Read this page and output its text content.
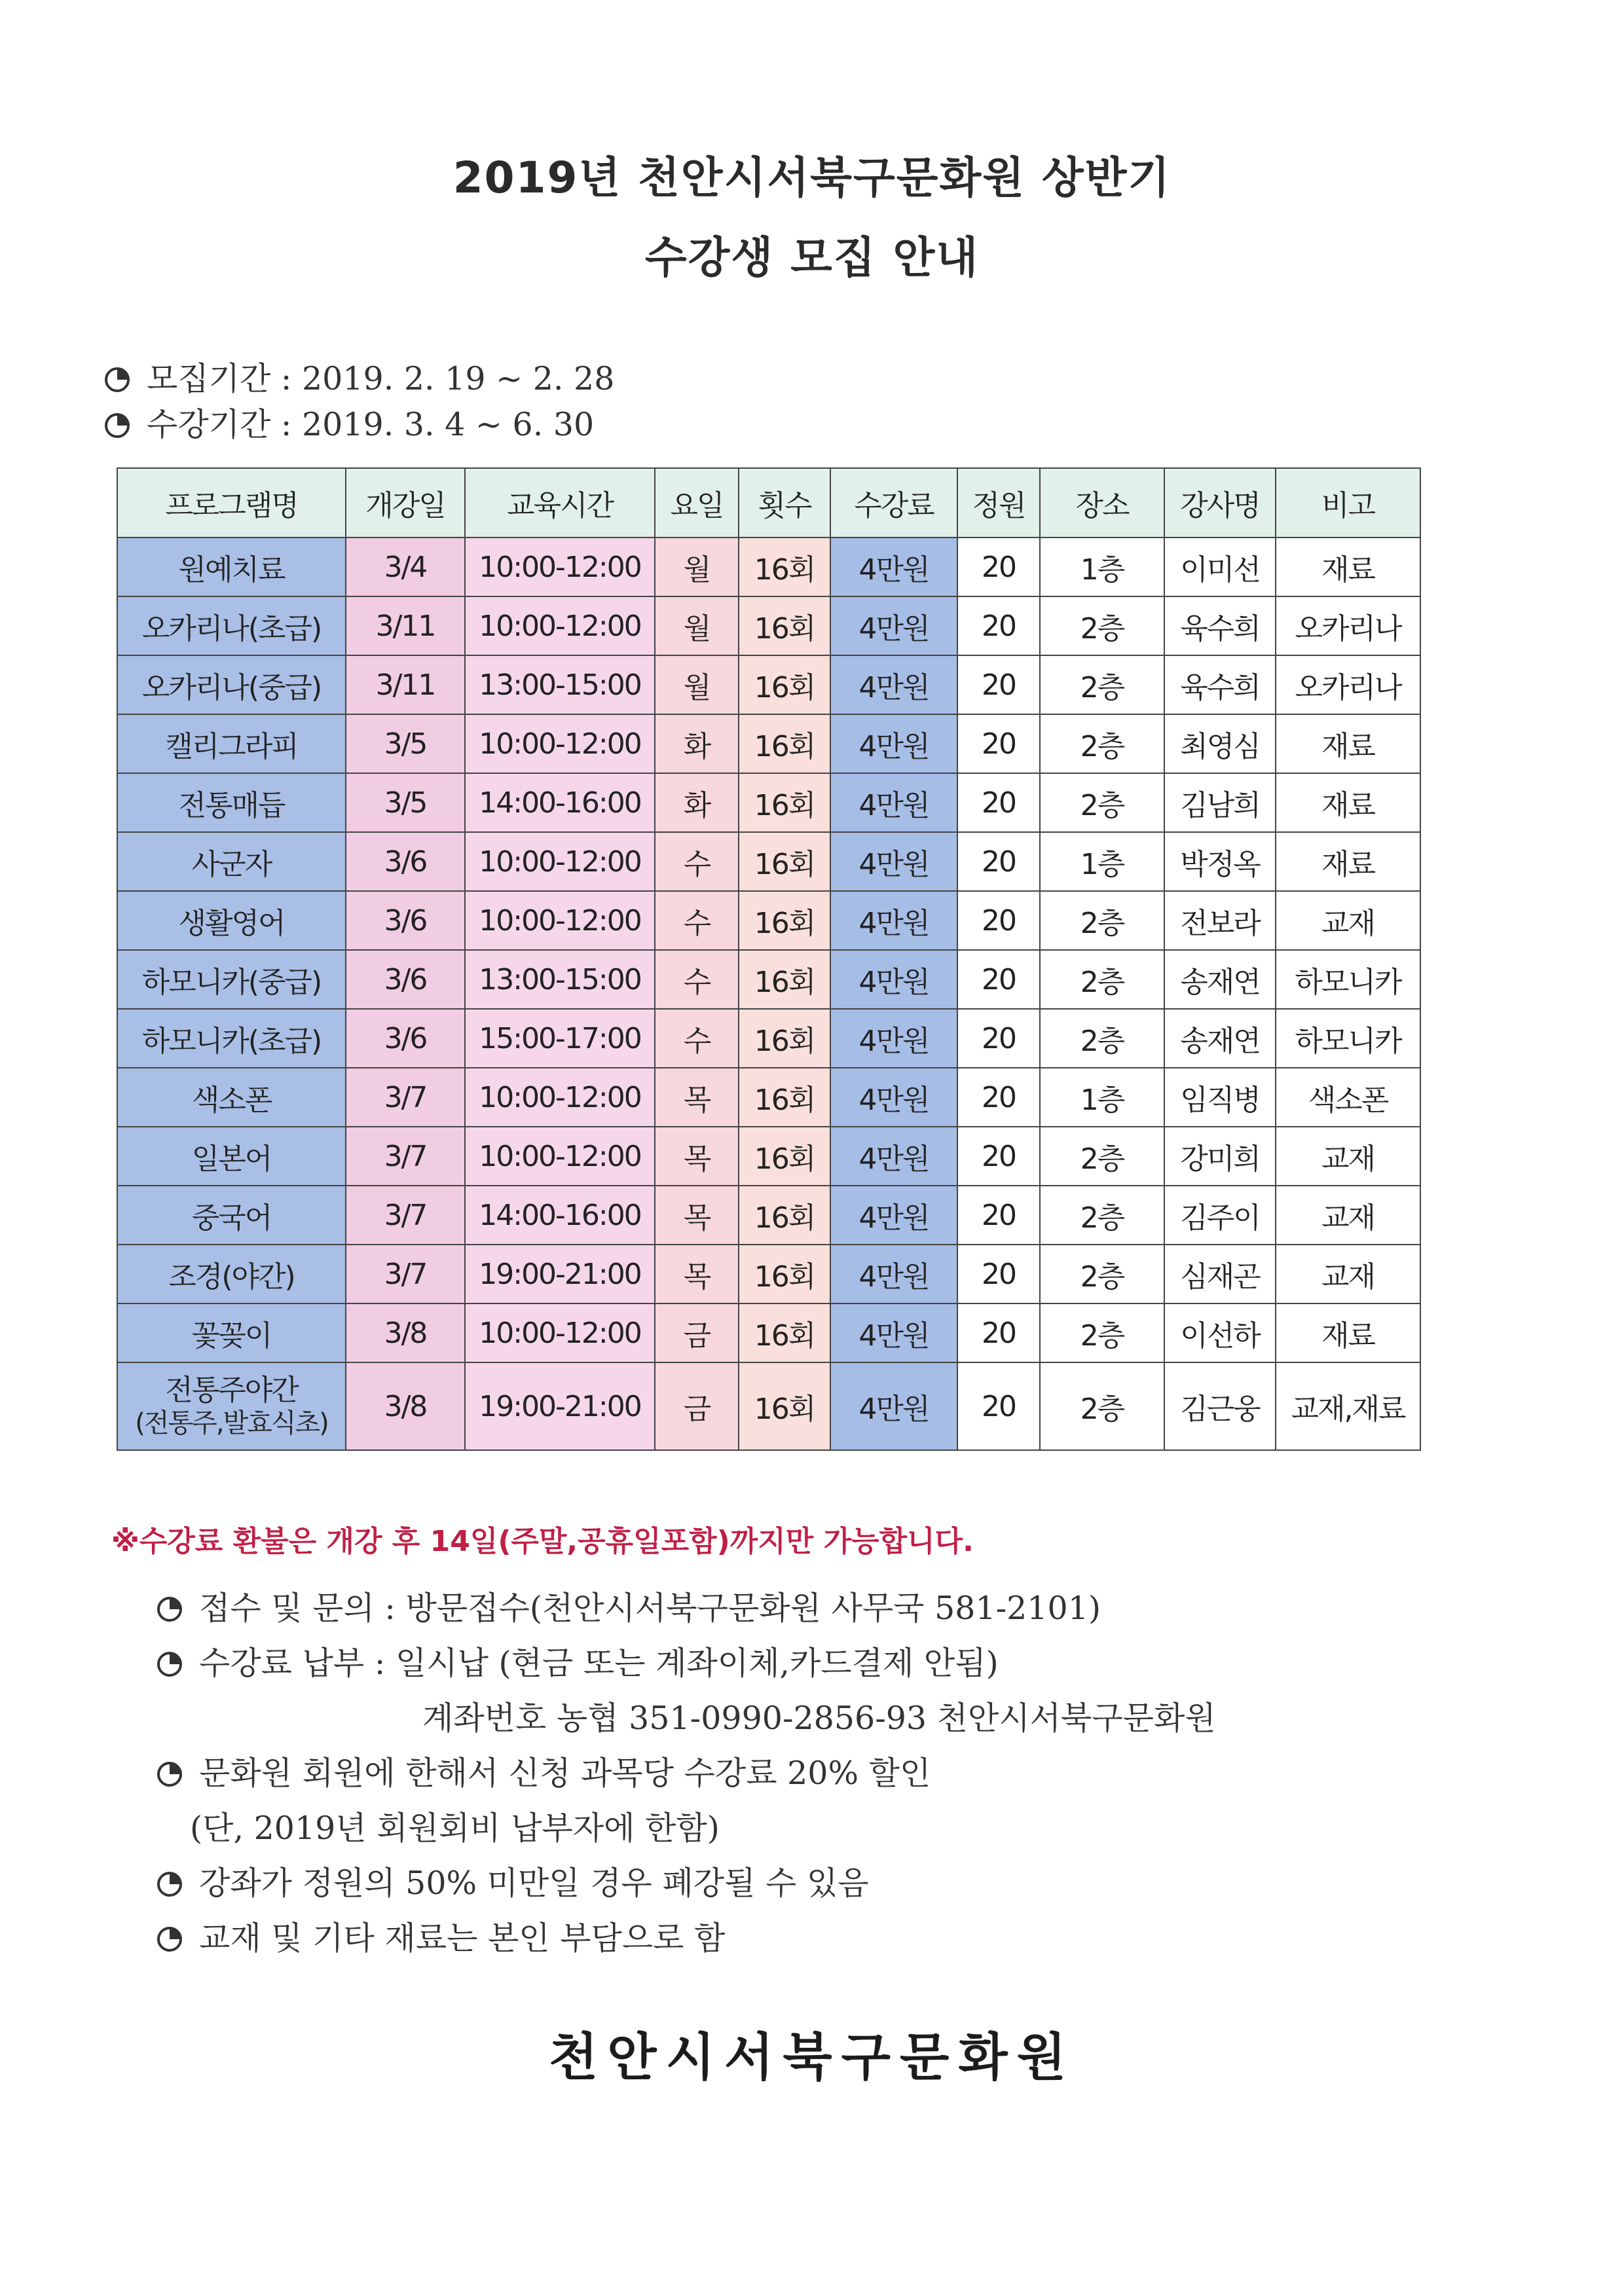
2019년 천안시서북구문화원 상반기
수강생 모집 안내
모집기간 : 2019. 2. 19 ~ 2. 28
수강기간 : 2019. 3. 4 ~ 6. 30
프로그램명	개강일	교육시간	요일	횟수	수강료	정원	장소	강사명	비고
원예치료	3/4	10:00-12:00	월	16회	4만원	20	1층	이미선	재료
오카리나(초급)	3/11	10:00-12:00	월	16회	4만원	20	2층	육수희	오카리나
오카리나(중급)	3/11	13:00-15:00	월	16회	4만원	20	2층	육수희	오카리나
캘리그라피	3/5	10:00-12:00	화	16회	4만원	20	2층	최영심	재료
전통매듭	3/5	14:00-16:00	화	16회	4만원	20	2층	김남희	재료
사군자	3/6	10:00-12:00	수	16회	4만원	20	1층	박정옥	재료
생활영어	3/6	10:00-12:00	수	16회	4만원	20	2층	전보라	교재
하모니카(중급)	3/6	13:00-15:00	수	16회	4만원	20	2층	송재연	하모니카
하모니카(초급)	3/6	15:00-17:00	수	16회	4만원	20	2층	송재연	하모니카
색소폰	3/7	10:00-12:00	목	16회	4만원	20	1층	임직병	색소폰
일본어	3/7	10:00-12:00	목	16회	4만원	20	2층	강미희	교재
중국어	3/7	14:00-16:00	목	16회	4만원	20	2층	김주이	교재
조경(야간)	3/7	19:00-21:00	목	16회	4만원	20	2층	심재곤	교재
꽃꽂이	3/8	10:00-12:00	금	16회	4만원	20	2층	이선하	재료

전통주야간
(전통주,발효식초)	3/8	19:00-21:00	금	16회	4만원	20	2층	김근웅	교재,재료
※수강료 환불은 개강 후 14일(주말,공휴일포함)까지만 가능합니다.
접수 및 문의 : 방문접수(천안시서북구문화원 사무국 581-2101)
수강료 납부 : 일시납 (현금 또는 계좌이체,카드결제 안됨)
계좌번호 농협 351-0990-2856-93 천안시서북구문화원
문화원 회원에 한해서 신청 과목당 수강료 20% 할인
(단, 2019년 회원회비 납부자에 한함)
강좌가 정원의 50% 미만일 경우 폐강될 수 있음
교재 및 기타 재료는 본인 부담으로 함
천안시서북구문화원
